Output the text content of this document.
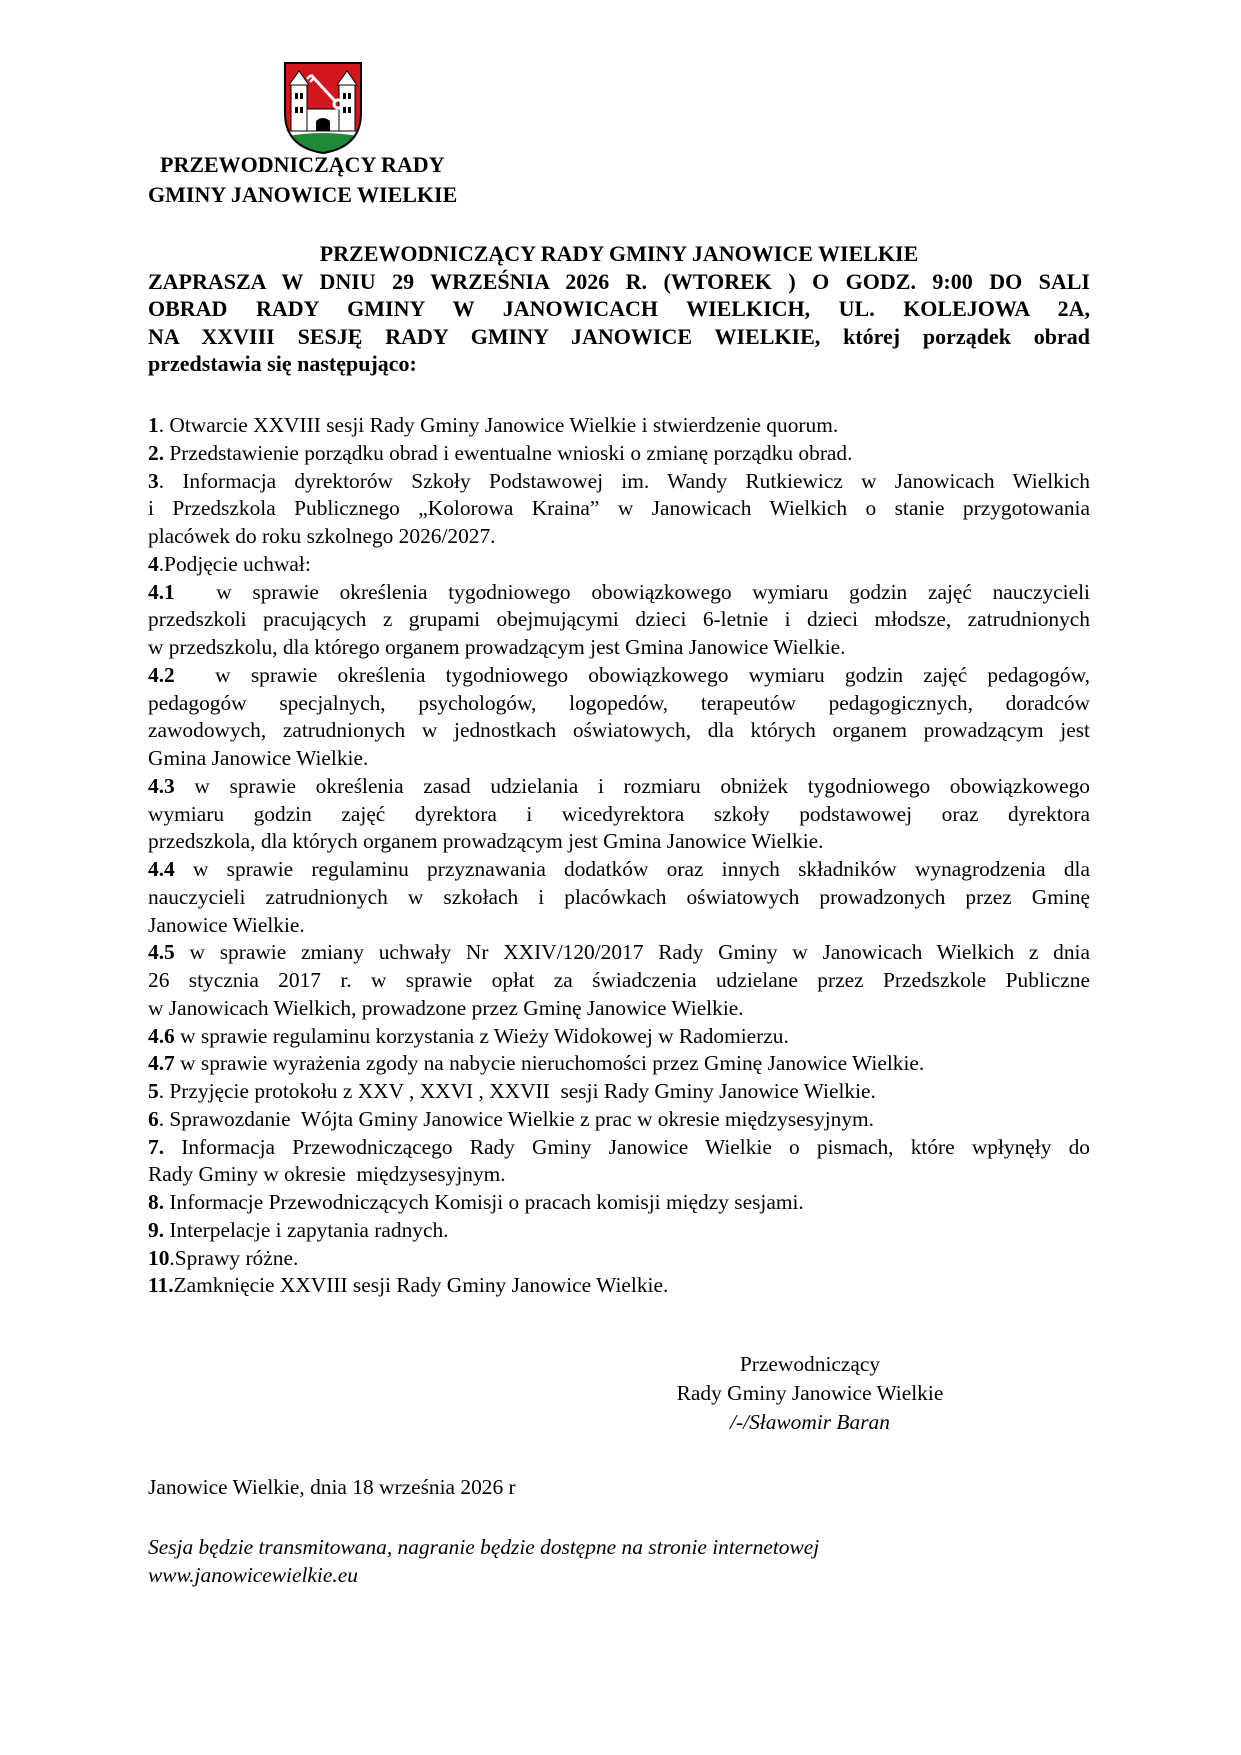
PRZEWODNICZĄCY RADY
GMINY JANOWICE WIELKIE
PRZEWODNICZĄCY RADY GMINY JANOWICE WIELKIE
ZAPRASZA W DNIU 29 WRZEŚNIA 2026 R. (WTOREK ) O GODZ. 9:00 DO SALI
OBRAD RADY GMINY W JANOWICACH WIELKICH, UL. KOLEJOWA 2A,
NA XXVIII SESJĘ RADY GMINY JANOWICE WIELKIE, której porządek obrad
przedstawia się następująco:
1. Otwarcie XXVIII sesji Rady Gminy Janowice Wielkie i stwierdzenie quorum.
2. Przedstawienie porządku obrad i ewentualne wnioski o zmianę porządku obrad.
3. Informacja dyrektorów Szkoły Podstawowej im. Wandy Rutkiewicz w Janowicach Wielkich
i Przedszkola Publicznego „Kolorowa Kraina” w Janowicach Wielkich o stanie przygotowania
placówek do roku szkolnego 2026/2027.
4.Podjęcie uchwał:
4.1  w sprawie określenia tygodniowego obowiązkowego wymiaru godzin zajęć nauczycieli
przedszkoli pracujących z grupami obejmującymi dzieci 6-letnie i dzieci młodsze, zatrudnionych
w przedszkolu, dla którego organem prowadzącym jest Gmina Janowice Wielkie.
4.2  w sprawie określenia tygodniowego obowiązkowego wymiaru godzin zajęć pedagogów,
pedagogów specjalnych, psychologów, logopedów, terapeutów pedagogicznych, doradców
zawodowych, zatrudnionych w jednostkach oświatowych, dla których organem prowadzącym jest
Gmina Janowice Wielkie.
4.3 w sprawie określenia zasad udzielania i rozmiaru obniżek tygodniowego obowiązkowego
wymiaru godzin zajęć dyrektora i wicedyrektora szkoły podstawowej oraz dyrektora
przedszkola, dla których organem prowadzącym jest Gmina Janowice Wielkie.
4.4 w sprawie regulaminu przyznawania dodatków oraz innych składników wynagrodzenia dla
nauczycieli zatrudnionych w szkołach i placówkach oświatowych prowadzonych przez Gminę
Janowice Wielkie.
4.5 w sprawie zmiany uchwały Nr XXIV/120/2017 Rady Gminy w Janowicach Wielkich z dnia
26 stycznia 2017 r. w sprawie opłat za świadczenia udzielane przez Przedszkole Publiczne
w Janowicach Wielkich, prowadzone przez Gminę Janowice Wielkie.
4.6 w sprawie regulaminu korzystania z Wieży Widokowej w Radomierzu.
4.7 w sprawie wyrażenia zgody na nabycie nieruchomości przez Gminę Janowice Wielkie.
5. Przyjęcie protokołu z XXV , XXVI , XXVII  sesji Rady Gminy Janowice Wielkie.
6. Sprawozdanie  Wójta Gminy Janowice Wielkie z prac w okresie międzysesyjnym.
7. Informacja Przewodniczącego Rady Gminy Janowice Wielkie o pismach, które wpłynęły do
Rady Gminy w okresie  międzysesyjnym.
8. Informacje Przewodniczących Komisji o pracach komisji między sesjami.
9. Interpelacje i zapytania radnych.
10.Sprawy różne.
11.Zamknięcie XXVIII sesji Rady Gminy Janowice Wielkie.
Przewodniczący
Rady Gminy Janowice Wielkie
/-/Sławomir Baran
Janowice Wielkie, dnia 18 września 2026 r
Sesja będzie transmitowana, nagranie będzie dostępne na stronie internetowej
www.janowicewielkie.eu
